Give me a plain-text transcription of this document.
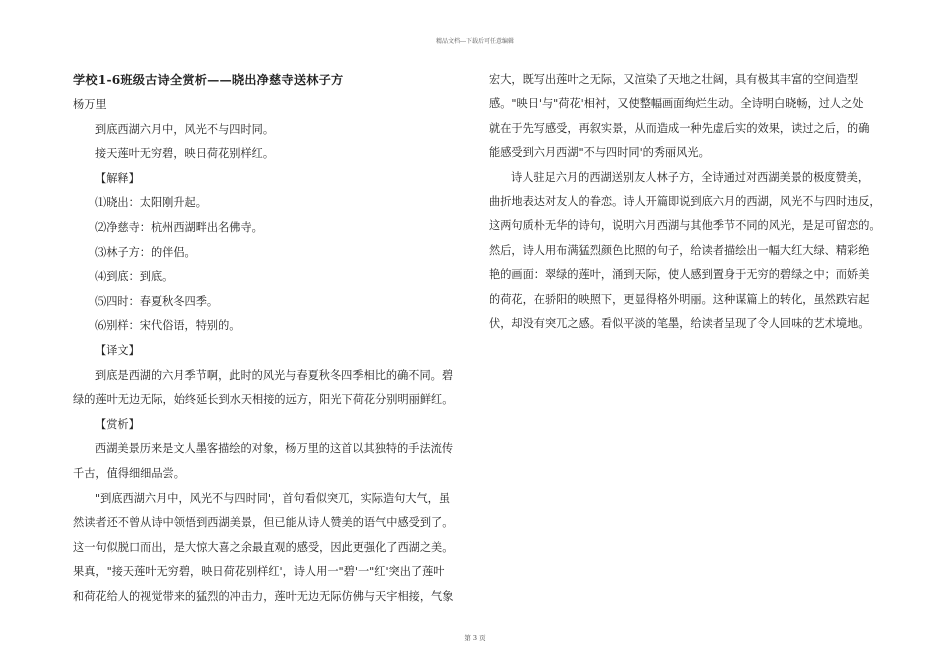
精品文档---下载后可任意编辑
学校1-6班级古诗全赏析——晓出净慈寺送林子方
杨万里
到底西湖六月中，风光不与四时同。
接天莲叶无穷碧，映日荷花别样红。
【解释】
⑴晓出：太阳刚升起。
⑵净慈寺：杭州西湖畔出名佛寺。
⑶林子方：的伴侣。
⑷到底：到底。
⑸四时：春夏秋冬四季。
⑹别样：宋代俗语，特别的。
【译文】
到底是西湖的六月季节啊，此时的风光与春夏秋冬四季相比的确不同。碧
绿的莲叶无边无际，始终延长到水天相接的远方，阳光下荷花分别明丽鲜红。
【赏析】
西湖美景历来是文人墨客描绘的对象，杨万里的这首以其独特的手法流传
千古，值得细细品尝。
"到底西湖六月中，风光不与四时同'，首句看似突兀，实际造句大气，虽
然读者还不曾从诗中领悟到西湖美景，但已能从诗人赞美的语气中感受到了。
这一句似脱口而出，是大惊大喜之余最直观的感受，因此更强化了西湖之美。
果真，"接天莲叶无穷碧，映日荷花别样红'，诗人用一"碧'一"红'突出了莲叶
和荷花给人的视觉带来的猛烈的冲击力，莲叶无边无际仿佛与天宇相接，气象
宏大，既写出莲叶之无际，又渲染了天地之壮阔，具有极其丰富的空间造型
感。"映日'与"荷花'相衬，又使整幅画面绚烂生动。全诗明白晓畅，过人之处
就在于先写感受，再叙实景，从而造成一种先虚后实的效果，读过之后，的确
能感受到六月西湖"不与四时同'的秀丽风光。
诗人驻足六月的西湖送别友人林子方，全诗通过对西湖美景的极度赞美，
曲折地表达对友人的眷恋。诗人开篇即说到底六月的西湖，风光不与四时违反，
这两句质朴无华的诗句，说明六月西湖与其他季节不同的风光，是足可留恋的。
然后，诗人用布满猛烈颜色比照的句子，给读者描绘出一幅大红大绿、精彩绝
艳的画面：翠绿的莲叶，涌到天际，使人感到置身于无穷的碧绿之中；而娇美
的荷花，在骄阳的映照下，更显得格外明丽。这种谋篇上的转化，虽然跌宕起
伏，却没有突兀之感。看似平淡的笔墨，给读者呈现了令人回味的艺术境地。
第 3 页
